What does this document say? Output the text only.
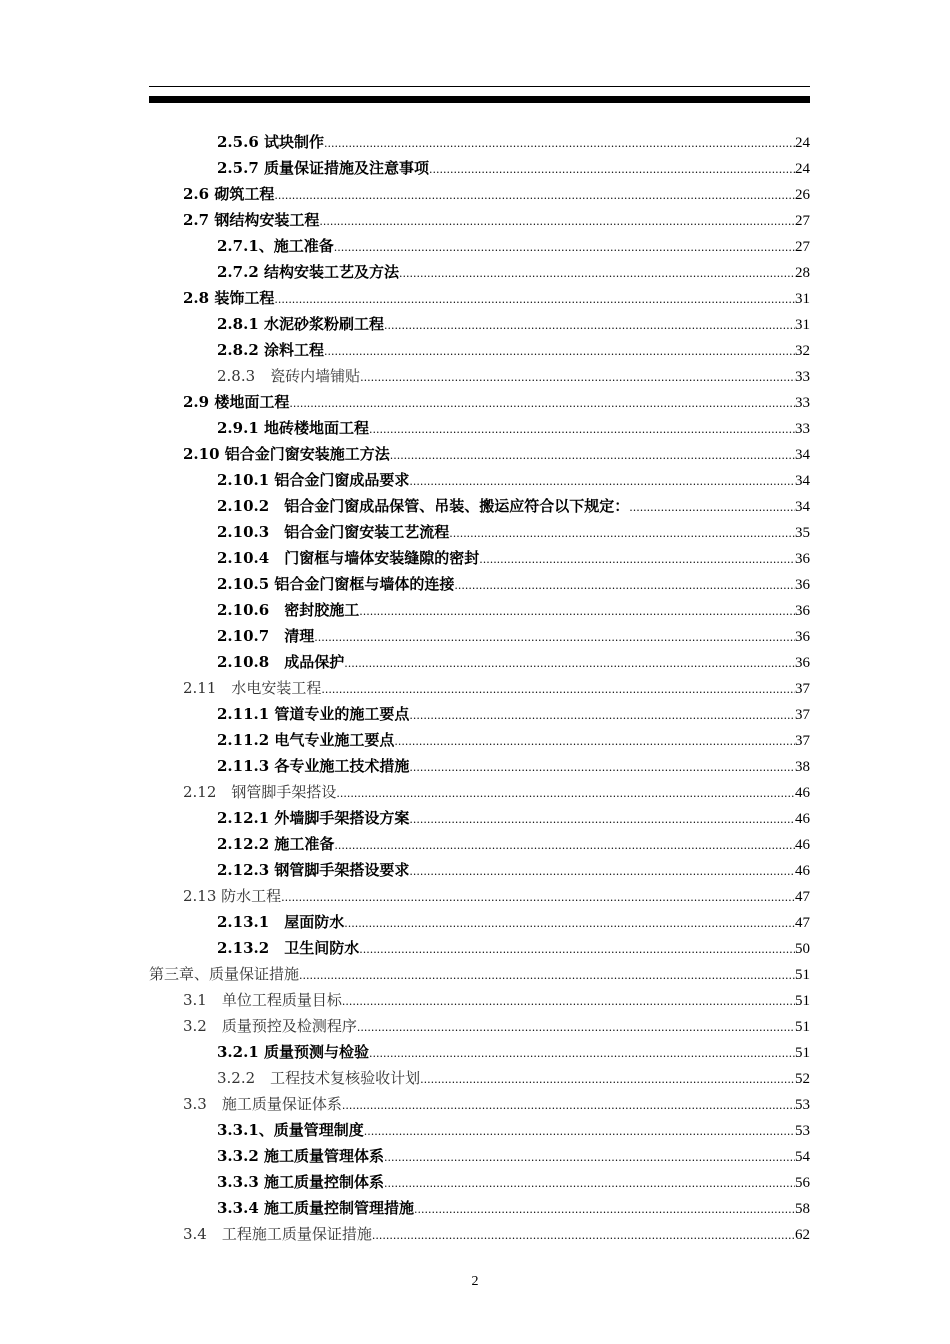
2.5.6 试块制作 .....	24
2.5.7 质量保证措施及注意事项 .....	24
2.6 砌筑工程 .....	26
2.7 钢结构安装工程 .....	27
2.7.1、施工准备 .....	27
2.7.2 结构安装工艺及方法 .....	28
2.8 装饰工程 .....	31
2.8.1 水泥砂浆粉刷工程 .....	31
2.8.2 涂料工程 .....	32
2.8.3　瓷砖内墙铺贴 .....	33
2.9 楼地面工程 .....	33
2.9.1 地砖楼地面工程 .....	33
2.10 铝合金门窗安装施工方法 .....	34
2.10.1 铝合金门窗成品要求 .....	34
2.10.2　铝合金门窗成品保管、吊装、搬运应符合以下规定： .....	34
2.10.3　铝合金门窗安装工艺流程 .....	35
2.10.4　门窗框与墙体安装缝隙的密封 .....	36
2.10.5 铝合金门窗框与墙体的连接 .....	36
2.10.6　密封胶施工 .....	36
2.10.7　清理 .....	36
2.10.8　成品保护 .....	36
2.11　水电安装工程 .....	37
2.11.1 管道专业的施工要点 .....	37
2.11.2 电气专业施工要点 .....	37
2.11.3 各专业施工技术措施 .....	38
2.12　钢管脚手架搭设 .....	46
2.12.1 外墙脚手架搭设方案 .....	46
2.12.2 施工准备 .....	46
2.12.3 钢管脚手架搭设要求 .....	46
2.13 防水工程 .....	47
2.13.1　屋面防水 .....	47
2.13.2　卫生间防水 .....	50
第三章、质量保证措施 .....	51
3.1　单位工程质量目标 .....	51
3.2　质量预控及检测程序 .....	51
3.2.1 质量预测与检验 .....	51
3.2.2　工程技术复核验收计划 .....	52
3.3　施工质量保证体系 .....	53
3.3.1、质量管理制度 .....	53
3.3.2 施工质量管理体系 .....	54
3.3.3 施工质量控制体系 .....	56
3.3.4 施工质量控制管理措施 .....	58
3.4　工程施工质量保证措施 .....	62
2
